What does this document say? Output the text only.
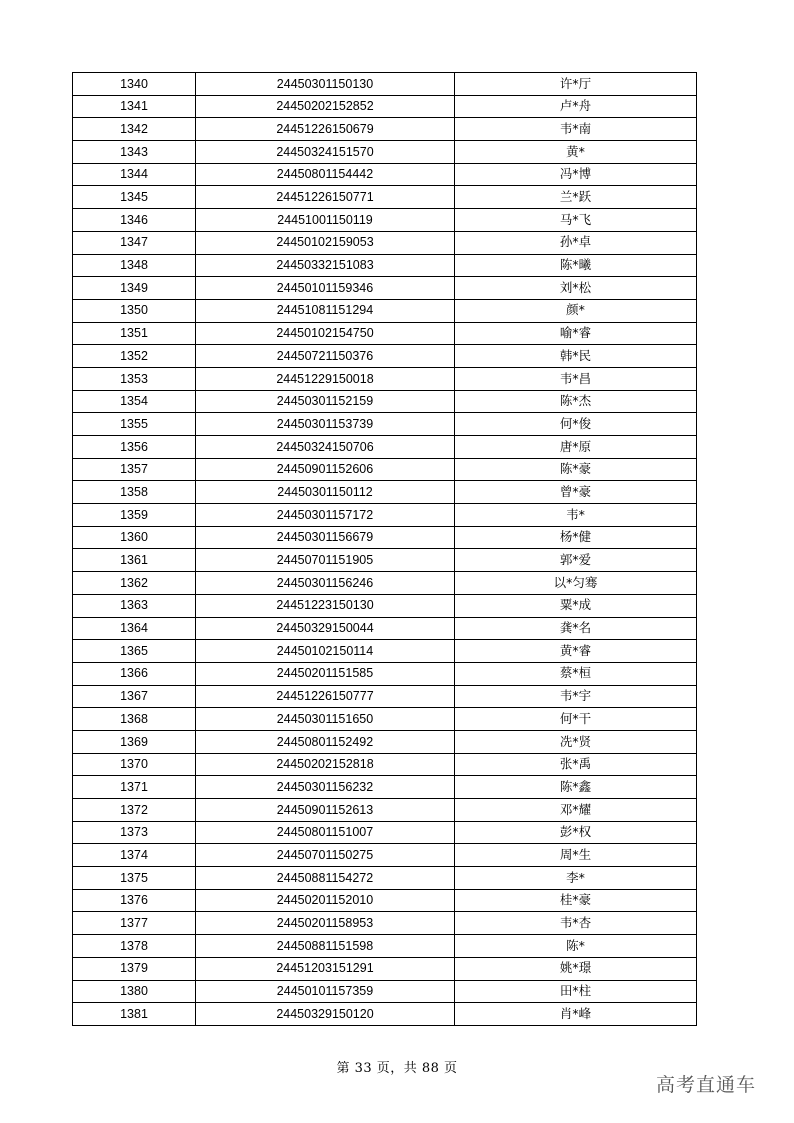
1340	24450301150130	许*厅
1341	24450202152852	卢*舟
1342	24451226150679	韦*南
1343	24450324151570	黄*
1344	24450801154442	冯*博
1345	24451226150771	兰*跃
1346	24451001150119	马*飞
1347	24450102159053	孙*卓
1348	24450332151083	陈*曦
1349	24450101159346	刘*松
1350	24451081151294	颜*
1351	24450102154750	喻*睿
1352	24450721150376	韩*民
1353	24451229150018	韦*昌
1354	24450301152159	陈*杰
1355	24450301153739	何*俊
1356	24450324150706	唐*原
1357	24450901152606	陈*豪
1358	24450301150112	曾*豪
1359	24450301157172	韦*
1360	24450301156679	杨*健
1361	24450701151905	郭*爱
1362	24450301156246	以*匀骞
1363	24451223150130	粟*成
1364	24450329150044	龚*名
1365	24450102150114	黄*睿
1366	24450201151585	蔡*桓
1367	24451226150777	韦*宇
1368	24450301151650	何*干
1369	24450801152492	冼*贤
1370	24450202152818	张*禹
1371	24450301156232	陈*鑫
1372	24450901152613	邓*耀
1373	24450801151007	彭*权
1374	24450701150275	周*生
1375	24450881154272	李*
1376	24450201152010	桂*豪
1377	24450201158953	韦*杏
1378	24450881151598	陈*
1379	24451203151291	姚*璟
1380	24450101157359	田*柱
1381	24450329150120	肖*峰
第 33 页，共 88 页
高考直通车
